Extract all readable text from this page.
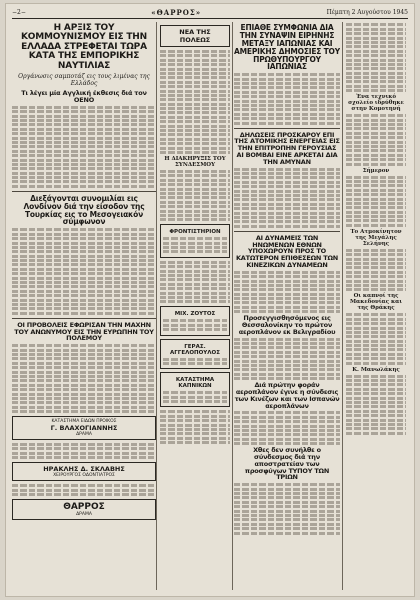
−2−	«ΘΑΡΡΟΣ»	Πέμπτη 2 Αυγούστου 1945
Η ΑΡΞΙΣ ΤΟΥ ΚΟΜΜΟΥΝΙΣΜΟΥ ΕΙΣ ΤΗΝ ΕΛΛΑΔΑ ΣΤΡΕΦΕΤΑΙ ΤΩΡΑ ΚΑΤΑ ΤΗΣ ΕΜΠΟΡΙΚΗΣ ΝΑΥΤΙΛΙΑΣ
Οργάνωσις σαμποτάζ εις τους λιμένας της Ελλάδος
Τι λέγει μία Αγγλική έκθεσις διά τον ΟΕΝΟ
Διεξάγονται συνομιλίαι εις Λονδίνον διά την είσοδον της Τουρκίας εις το Μεσογειακόν σύμφωνον
ΟΙ ΠΡΟΒΟΛΕΙΣ ΕΦΩΡΙΣΑΝ ΤΗΝ ΜΑΧΗΝ ΤΟΥ ΑΝΩΝΥΜΟΥ ΕΙΣ ΤΗΝ ΕΥΡΩΠΗΝ ΤΟΥ ΠΟΛΕΜΟΥ
ΚΑΤΑΣΤΗΜΑ ΕΙΔΩΝ ΠΡΟΙΚΟΣ
Γ. ΒΛΑΧΟΓΙΑΝΝΗΣ
ΔΡΑΜΑ
ΗΡΑΚΛΗΣ Δ. ΣΚΛΑΒΗΣ
ΧΕΙΡΟΥΡΓΟΣ ΟΔΟΝΤΙΑΤΡΟΣ
ΘΑΡΡΟΣ
ΔΡΑΜΑ
ΝΕΑ ΤΗΣ ΠΟΛΕΩΣ
Η ΔΙΑΚΗΡΥΞΙΣ ΤΟΥ ΣΥΝΔΕΣΜΟΥ
ΦΡΟΝΤΙΣΤΗΡΙΟΝ
ΜΙΧ. ΖΟΥΤΟΣ
ΓΕΡΑΣ. ΑΓΓΕΛΟΠΟΥΛΟΣ
ΚΑΤΑΣΤΗΜΑ ΚΑΠΝΙΚΩΝ
ΕΠΙΑΘΕ ΣΥΜΦΩΝΙΑ ΔΙΑ ΤΗΝ ΣΥΝΑΨΙΝ ΕΙΡΗΝΗΣ ΜΕΤΑΞΥ ΙΑΠΩΝΙΑΣ ΚΑΙ ΑΜΕΡΙΚΗΣ ΔΗΜΟΣΙΕΣ ΤΟΥ ΠΡΩΘΥΠΟΥΡΓΟΥ ΙΑΠΩΝΙΑΣ
ΔΗΛΩΣΕΙΣ ΠΡΟΣΚΑΡΟΥ ΕΠΙ ΤΗΣ ΑΤΟΜΙΚΗΣ ΕΝΕΡΓΕΙΑΣ ΕΙΣ ΤΗΝ ΕΠΙΤΡΟΠΗΝ ΓΕΡΟΥΣΙΑΣ ΑΙ ΒΟΜΒΑΙ ΕΙΝΕ ΑΡΚΕΤΑΙ ΔΙΑ ΤΗΝ ΑΜΥΝΑΝ
ΑΙ ΔΥΝΑΜΕΙΣ ΤΩΝ ΗΝΩΜΕΝΩΝ ΕΘΝΩΝ ΥΠΟΧΩΡΟΥΝ ΠΡΟΣ ΤΟ ΚΑΤΩΤΕΡΟΝ ΕΠΙΘΕΣΕΩΝ ΤΩΝ ΚΙΝΕΖΙΚΩΝ ΔΥΝΑΜΕΩΝ
Προσεγγισθησόμενος εις Θεσσαλονίκην το πρώτον αεροπλάνον εκ Βελιγραδίου
Διά πρώτην φοράν αεροπλάνον έγινε η σύνδεσις των Κινέζων και των Ισπανών αεροπλάνων
Χθες δεν συνήλθε ο σύνδεσμος διά την αποστρατείαν των προσφύγων ΤΥΠΟΥ ΤΩΝ ΤΡΙΩΝ
Ένα τεχνικό σχολείο ιδρύθηκε στην Κομοτηνή
Σήμερον
Το Ατμοκίνητον της Μεγάλης Σελήνης
Οι καπνοί της Μακεδονίας και της Θράκης
Κ. Μανωλάκης
